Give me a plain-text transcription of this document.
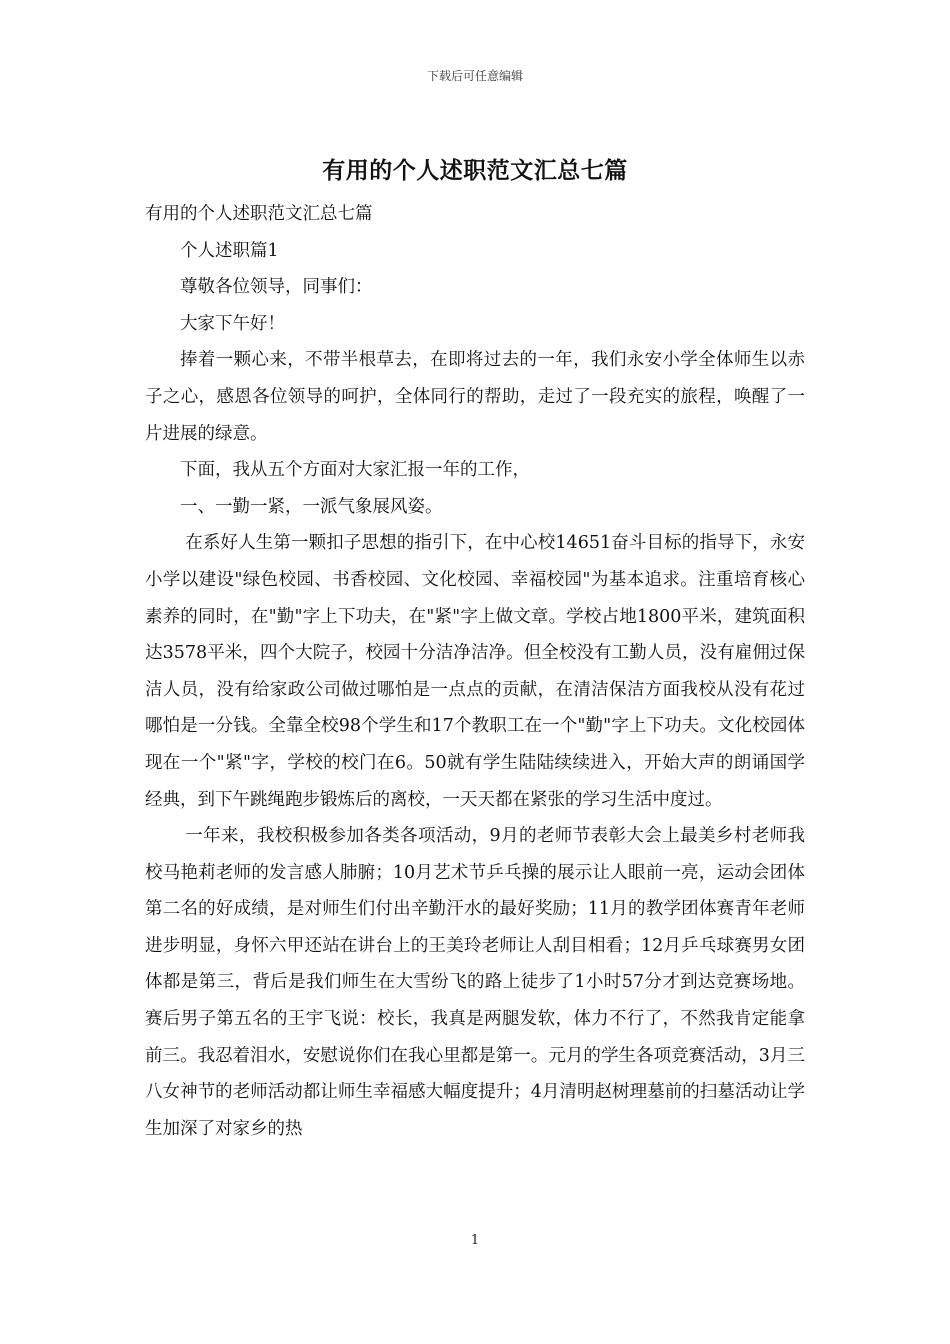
下载后可任意编辑
有用的个人述职范文汇总七篇

有用的个人述职范文汇总七篇

个人述职篇1

尊敬各位领导，同事们：

大家下午好！

捧着一颗心来，不带半根草去，在即将过去的一年，我们永安小学全体师生以赤子之心，感恩各位领导的呵护，全体同行的帮助，走过了一段充实的旅程，唤醒了一片进展的绿意。

下面，我从五个方面对大家汇报一年的工作，

一、一勤一紧，一派气象展风姿。

在系好人生第一颗扣子思想的指引下，在中心校14651奋斗目标的指导下，永安小学以建设"绿色校园、书香校园、文化校园、幸福校园"为基本追求。注重培育核心素养的同时，在"勤"字上下功夫，在"紧"字上做文章。学校占地1800平米，建筑面积达3578平米，四个大院子，校园十分洁净洁净。但全校没有工勤人员，没有雇佣过保洁人员，没有给家政公司做过哪怕是一点点的贡献，在清洁保洁方面我校从没有花过哪怕是一分钱。全靠全校98个学生和17个教职工在一个"勤"字上下功夫。文化校园体现在一个"紧"字，学校的校门在6。50就有学生陆陆续续进入，开始大声的朗诵国学经典，到下午跳绳跑步锻炼后的离校，一天天都在紧张的学习生活中度过。

一年来，我校积极参加各类各项活动，9月的老师节表彰大会上最美乡村老师我校马艳莉老师的发言感人肺腑；10月艺术节乒乓操的展示让人眼前一亮，运动会团体第二名的好成绩，是对师生们付出辛勤汗水的最好奖励；11月的教学团体赛青年老师进步明显，身怀六甲还站在讲台上的王美玲老师让人刮目相看；12月乒乓球赛男女团体都是第三，背后是我们师生在大雪纷飞的路上徒步了1小时57分才到达竞赛场地。赛后男子第五名的王宇飞说：校长，我真是两腿发软，体力不行了，不然我肯定能拿前三。我忍着泪水，安慰说你们在我心里都是第一。元月的学生各项竞赛活动，3月三八女神节的老师活动都让师生幸福感大幅度提升；4月清明赵树理墓前的扫墓活动让学生加深了对家乡的热

1
